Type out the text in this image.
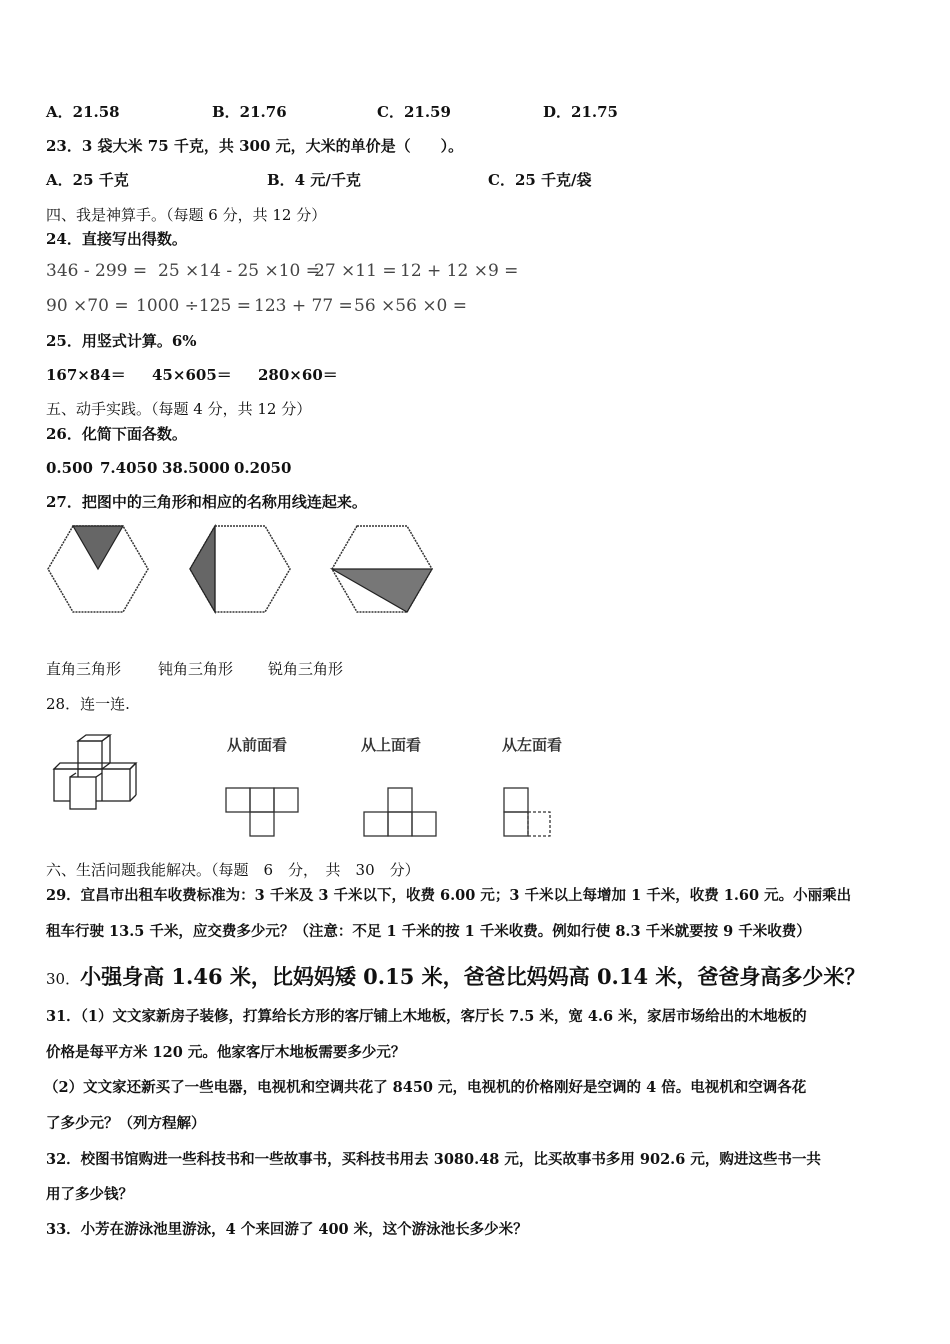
A．21.58	B．21.76	C．21.59	D．21.75
23．3 袋大米 75 千克，共 300 元，大米的单价是（　　）。
A．25 千克	B．4 元/千克	C．25 千克/袋
四、我是神算手。（每题 6 分，共 12 分）
24．直接写出得数。
346 - 299 = 25 ×14 - 25 ×10 =
27 ×11 = 12 + 12 ×9 =
90 ×70 = 1000 ÷125 = 123 + 77 = 56 ×56 ×0 =
25．用竖式计算。6%
167×84＝ 45×605＝ 280×60＝
五、动手实践。（每题 4 分，共 12 分）
26．化简下面各数。
0.500 7.4050 38.5000 0.2050
27．把图中的三角形和相应的名称用线连起来。
直角三角形 钝角三角形 锐角三角形
28．连一连.
从前面看	从上面看	从左面看
六、生活问题我能解决。（每题　6　分，　共　30　分）
29．宜昌市出租车收费标准为：3 千米及 3 千米以下，收费 6.00 元；3 千米以上每增加 1 千米，收费 1.60 元。小丽乘出
租车行驶 13.5 千米，应交费多少元？（注意：不足 1 千米的按 1 千米收费。例如行使 8.3 千米就要按 9 千米收费）
30．小强身高 1.46 米，比妈妈矮 0.15 米，爸爸比妈妈高 0.14 米，爸爸身高多少米？
31．（1）文文家新房子装修，打算给长方形的客厅铺上木地板，客厅长 7.5 米，宽 4.6 米，家居市场给出的木地板的
价格是每平方米 120 元。他家客厅木地板需要多少元？
（2）文文家还新买了一些电器，电视机和空调共花了 8450 元，电视机的价格刚好是空调的 4 倍。电视机和空调各花
了多少元？（列方程解）
32．校图书馆购进一些科技书和一些故事书，买科技书用去 3080.48 元，比买故事书多用 902.6 元，购进这些书一共
用了多少钱？
33．小芳在游泳池里游泳，4 个来回游了 400 米，这个游泳池长多少米？
